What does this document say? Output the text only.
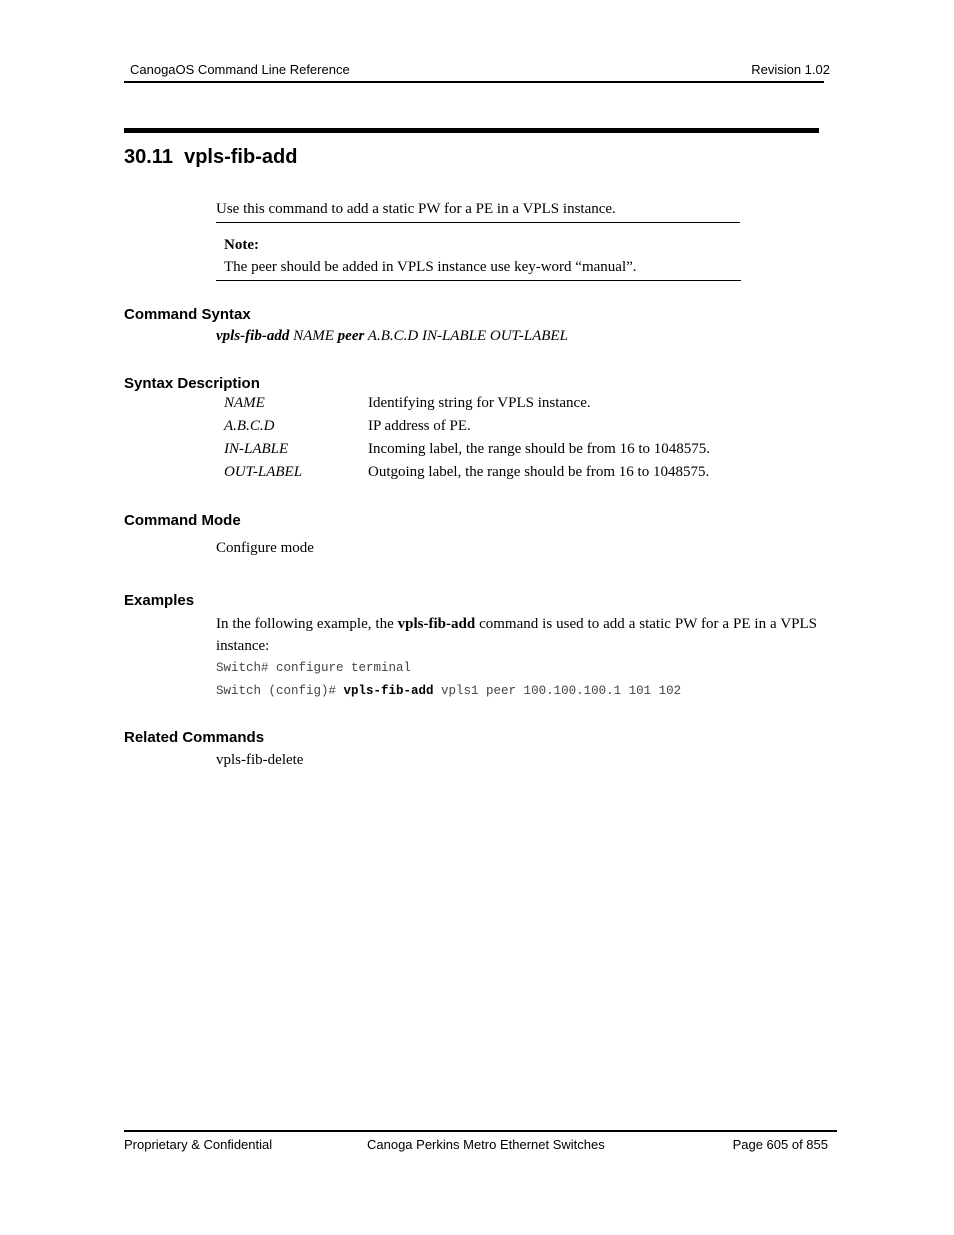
CanogaOS Command Line Reference	Revision 1.02
30.11 vpls-fib-add
Use this command to add a static PW for a PE in a VPLS instance.
Note:
The peer should be added in VPLS instance use key-word “manual”.
Command Syntax
vpls-fib-add NAME peer A.B.C.D IN-LABLE OUT-LABEL
Syntax Description
NAME	Identifying string for VPLS instance.
A.B.C.D	IP address of PE.
IN-LABLE	Incoming label, the range should be from 16 to 1048575.
OUT-LABEL	Outgoing label, the range should be from 16 to 1048575.
Command Mode
Configure mode
Examples
In the following example, the vpls-fib-add command is used to add a static PW for a PE in a VPLS instance:
Switch# configure terminal
Switch (config)# vpls-fib-add vpls1 peer 100.100.100.1 101 102
Related Commands
vpls-fib-delete
Proprietary & Confidential	Canoga Perkins Metro Ethernet Switches	Page 605 of 855
